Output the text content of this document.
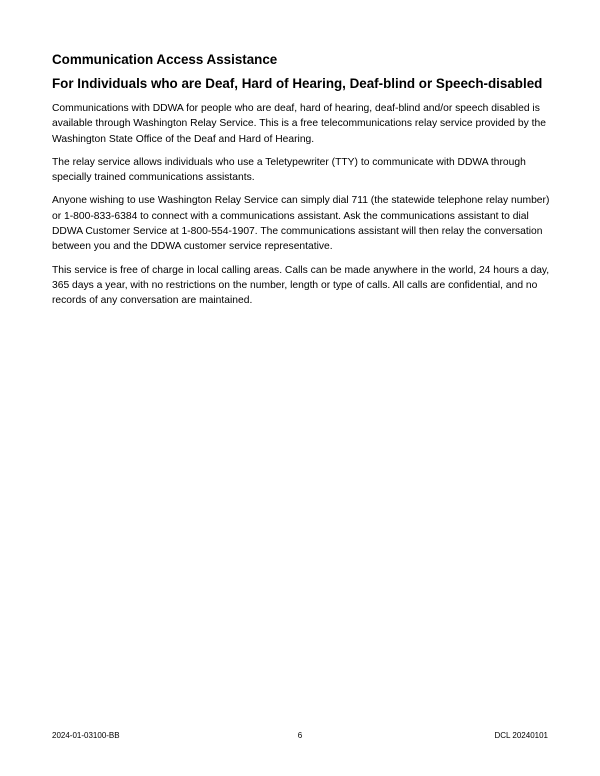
Communication Access Assistance
For Individuals who are Deaf, Hard of Hearing, Deaf-blind or Speech-disabled

Communications with DDWA for people who are deaf, hard of hearing, deaf-blind and/or speech disabled is available through Washington Relay Service. This is a free telecommunications relay service provided by the Washington State Office of the Deaf and Hard of Hearing.

The relay service allows individuals who use a Teletypewriter (TTY) to communicate with DDWA through specially trained communications assistants.

Anyone wishing to use Washington Relay Service can simply dial 711 (the statewide telephone relay number) or 1-800-833-6384 to connect with a communications assistant. Ask the communications assistant to dial DDWA Customer Service at 1-800-554-1907. The communications assistant will then relay the conversation between you and the DDWA customer service representative.

This service is free of charge in local calling areas. Calls can be made anywhere in the world, 24 hours a day, 365 days a year, with no restrictions on the number, length or type of calls. All calls are confidential, and no records of any conversation are maintained.

2024-01-03100-BB	6	DCL 20240101
